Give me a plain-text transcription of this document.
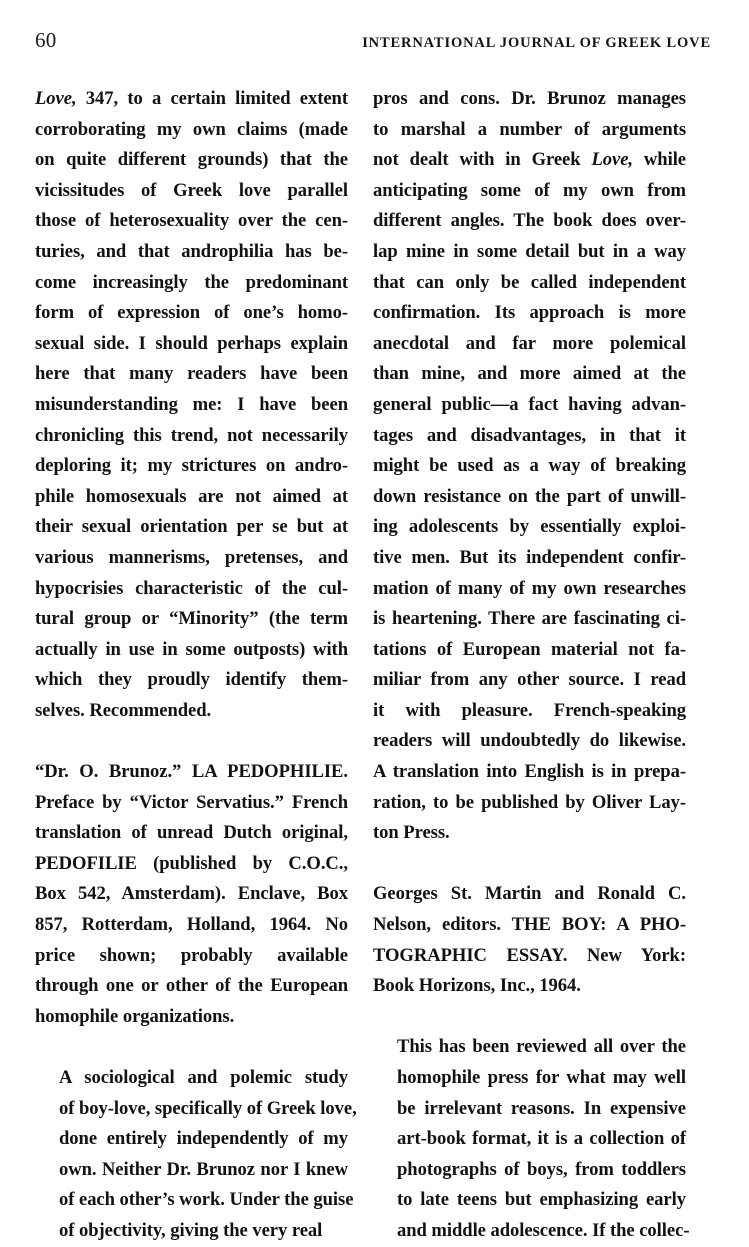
60	INTERNATIONAL JOURNAL OF GREEK LOVE

Love, 347, to a certain limited extent
corroborating my own claims (made
on quite different grounds) that the
vicissitudes of Greek love parallel
those of heterosexuality over the cen-
turies, and that androphilia has be-
come increasingly the predominant
form of expression of one’s homo-
sexual side. I should perhaps explain
here that many readers have been
misunderstanding me: I have been
chronicling this trend, not necessarily
deploring it; my strictures on andro-
phile homosexuals are not aimed at
their sexual orientation per se but at
various mannerisms, pretenses, and
hypocrisies characteristic of the cul-
tural group or “Minority” (the term
actually in use in some outposts) with
which they proudly identify them-
selves. Recommended.

“Dr. O. Brunoz.” LA PEDOPHILIE.
Preface by “Victor Servatius.” French
translation of unread Dutch original,
PEDOFILIE (published by C.O.C.,
Box 542, Amsterdam). Enclave, Box
857, Rotterdam, Holland, 1964. No
price shown; probably available
through one or other of the European
homophile organizations.

A sociological and polemic study
of boy-love, specifically of Greek love,
done entirely independently of my
own. Neither Dr. Brunoz nor I knew
of each other’s work. Under the guise
of objectivity, giving the very real

pros and cons. Dr. Brunoz manages
to marshal a number of arguments
not dealt with in Greek Love, while
anticipating some of my own from
different angles. The book does over-
lap mine in some detail but in a way
that can only be called independent
confirmation. Its approach is more
anecdotal and far more polemical
than mine, and more aimed at the
general public—a fact having advan-
tages and disadvantages, in that it
might be used as a way of breaking
down resistance on the part of unwill-
ing adolescents by essentially exploi-
tive men. But its independent confir-
mation of many of my own researches
is heartening. There are fascinating ci-
tations of European material not fa-
miliar from any other source. I read
it with pleasure. French-speaking
readers will undoubtedly do likewise.
A translation into English is in prepa-
ration, to be published by Oliver Lay-
ton Press.

Georges St. Martin and Ronald C.
Nelson, editors. THE BOY: A PHO-
TOGRAPHIC ESSAY. New York:
Book Horizons, Inc., 1964.

This has been reviewed all over the
homophile press for what may well
be irrelevant reasons. In expensive
art-book format, it is a collection of
photographs of boys, from toddlers
to late teens but emphasizing early
and middle adolescence. If the collec-
